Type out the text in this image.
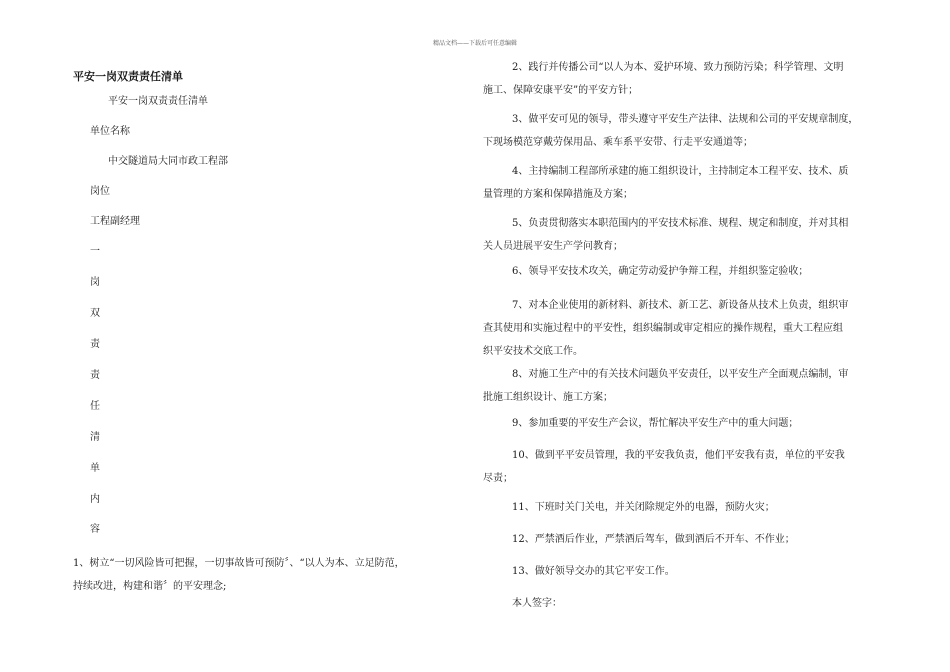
精品文档——下载后可任意编辑
平安一岗双责责任清单
平安一岗双责责任清单
单位名称
中交隧道局大同市政工程部
岗位
工程副经理
一
岗
双
责
责
任
清
单
内
容
1、树立“一切风险皆可把握，一切事故皆可预防〞、“以人为本、立足防范，
持续改进，构建和谐〞的平安理念;
2、践行并传播公司“以人为本、爱护环境、致力预防污染；科学管理、文明
施工、保障安康平安”的平安方针；
3、做平安可见的领导，带头遵守平安生产法律、法规和公司的平安规章制度，
下现场模范穿戴劳保用品、乘车系平安带、行走平安通道等；
4、主持编制工程部所承建的施工组织设计，主持制定本工程平安、技术、质
量管理的方案和保障措施及方案；
5、负责贯彻落实本职范围内的平安技术标准、规程、规定和制度，并对其相
关人员进展平安生产学问教育；
6、领导平安技术攻关，确定劳动爱护争辩工程，并组织鉴定验收；
7、对本企业使用的新材料、新技术、新工艺、新设备从技术上负责，组织审
查其使用和实施过程中的平安性，组织编制或审定相应的操作规程，重大工程应组
织平安技术交底工作。
8、对施工生产中的有关技术问题负平安责任，以平安生产全面观点编制，审
批施工组织设计、施工方案；
9、参加重要的平安生产会议，帮忙解决平安生产中的重大问题；
10、做到平平安员管理，我的平安我负责，他们平安我有责，单位的平安我
尽责；
11、下班时关门关电，并关闭除规定外的电器，预防火灾；
12、严禁酒后作业，严禁酒后驾车，做到酒后不开车、不作业；
13、做好领导交办的其它平安工作。
本人签字：
